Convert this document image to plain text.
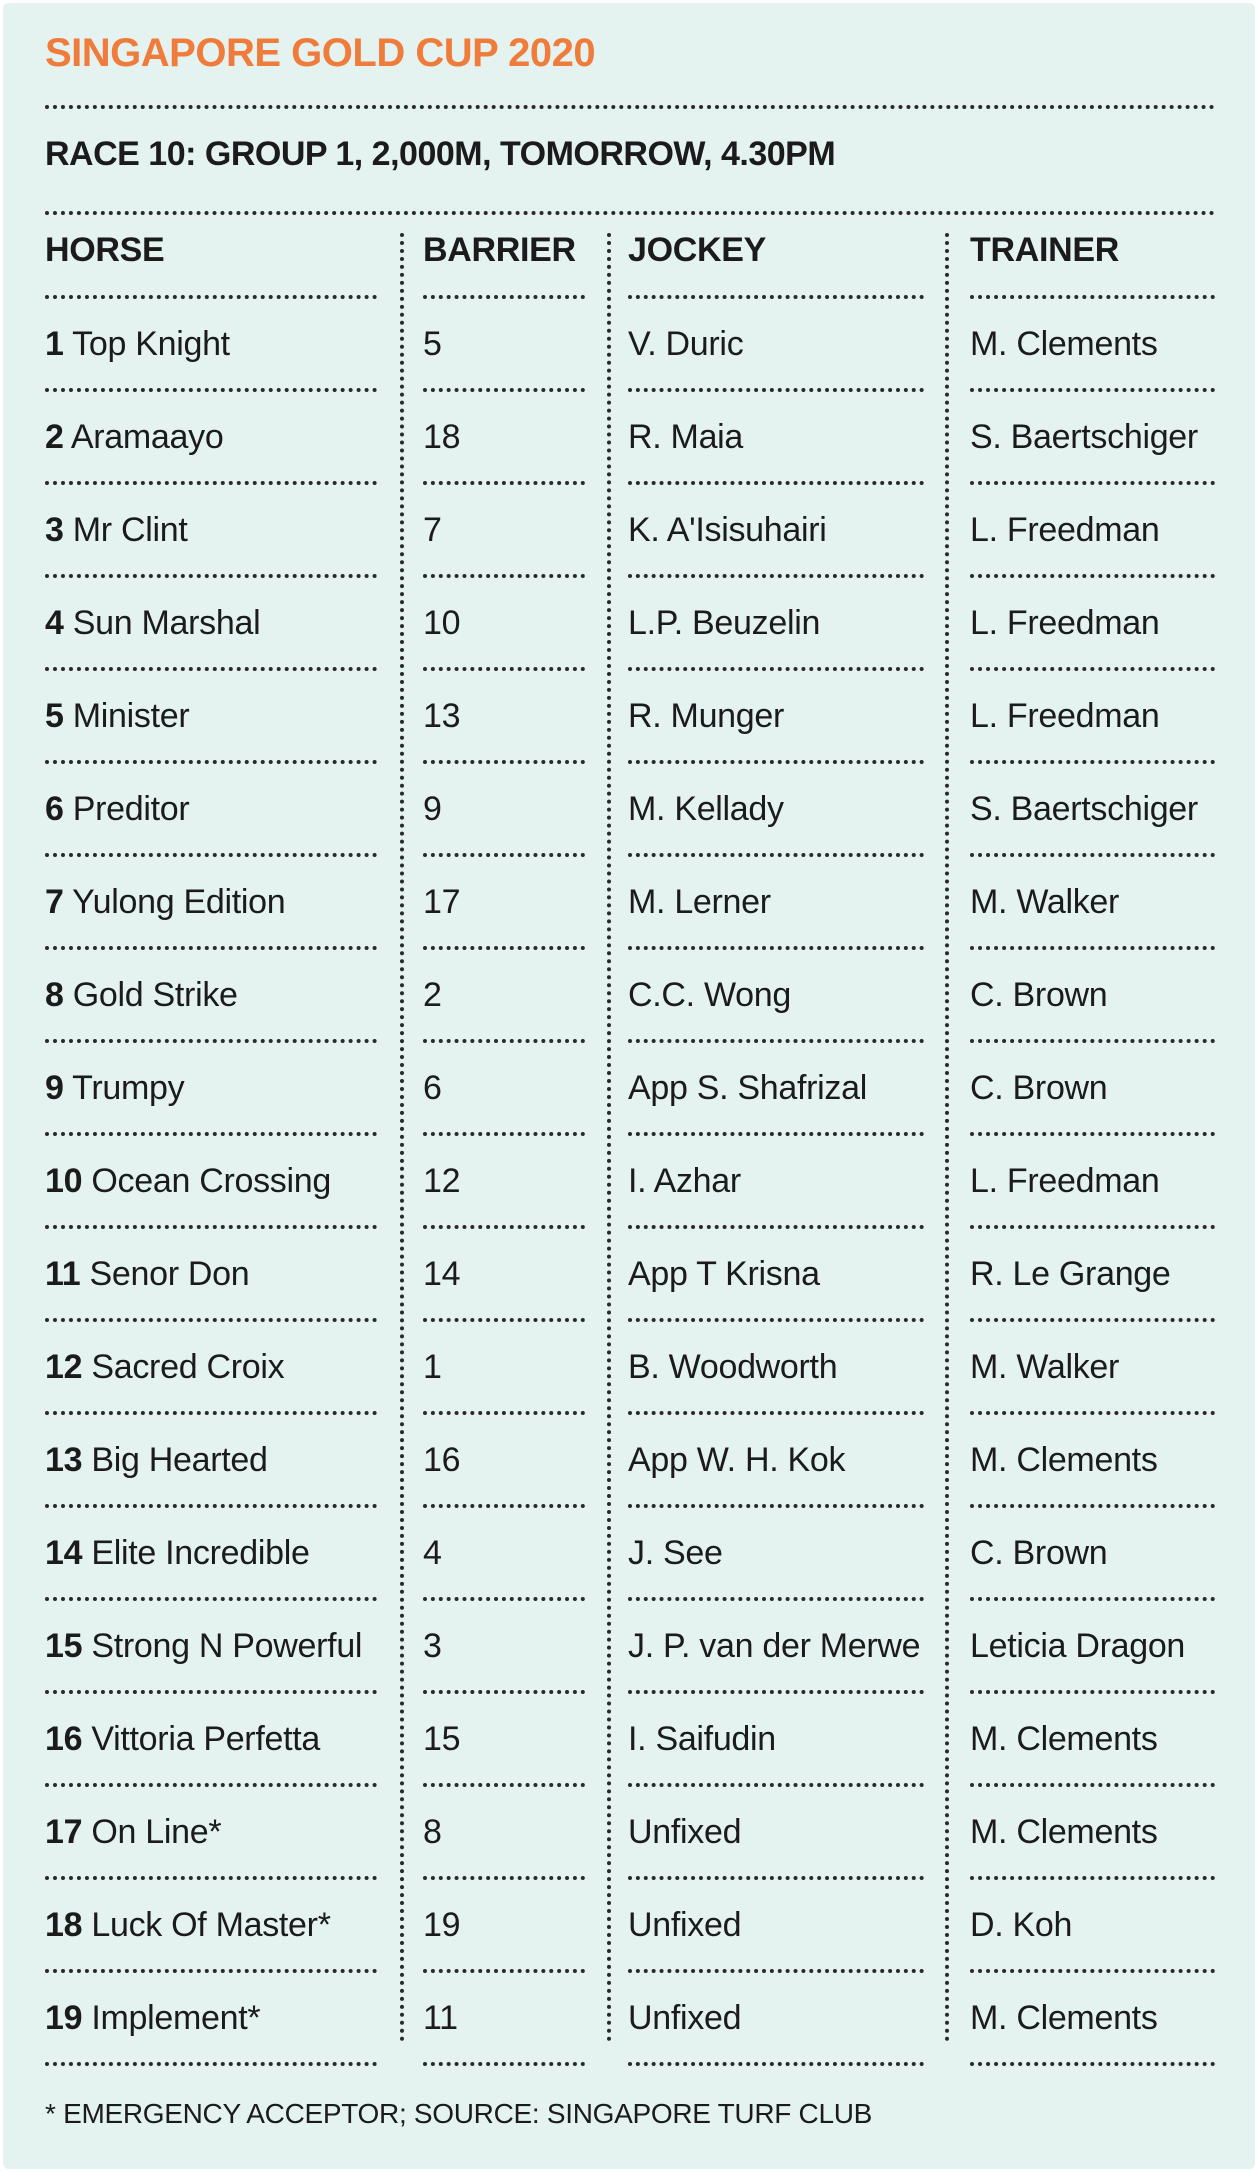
SINGAPORE GOLD CUP 2020
RACE 10: GROUP 1, 2,000M, TOMORROW, 4.30PM
HORSE
1 Top Knight
2 Aramaayo
3 Mr Clint
4 Sun Marshal
5 Minister
6 Preditor
7 Yulong Edition
8 Gold Strike
9 Trumpy
10 Ocean Crossing
11 Senor Don
12 Sacred Croix
13 Big Hearted
14 Elite Incredible
15 Strong N Powerful
16 Vittoria Perfetta
17 On Line*
18 Luck Of Master*
19 Implement*
BARRIER
5
18
7
10
13
9
17
2
6
12
14
1
16
4
3
15
8
19
11
JOCKEY
V. Duric
R. Maia
K. A'Isisuhairi
L.P. Beuzelin
R. Munger
M. Kellady
M. Lerner
C.C. Wong
App S. Shafrizal
I. Azhar
App T Krisna
B. Woodworth
App W. H. Kok
J. See
J. P. van der Merwe
I. Saifudin
Unfixed
Unfixed
Unfixed
TRAINER
M. Clements
S. Baertschiger
L. Freedman
L. Freedman
L. Freedman
S. Baertschiger
M. Walker
C. Brown
C. Brown
L. Freedman
R. Le Grange
M. Walker
M. Clements
C. Brown
Leticia Dragon
M. Clements
M. Clements
D. Koh
M. Clements
* EMERGENCY ACCEPTOR; SOURCE: SINGAPORE TURF CLUB
